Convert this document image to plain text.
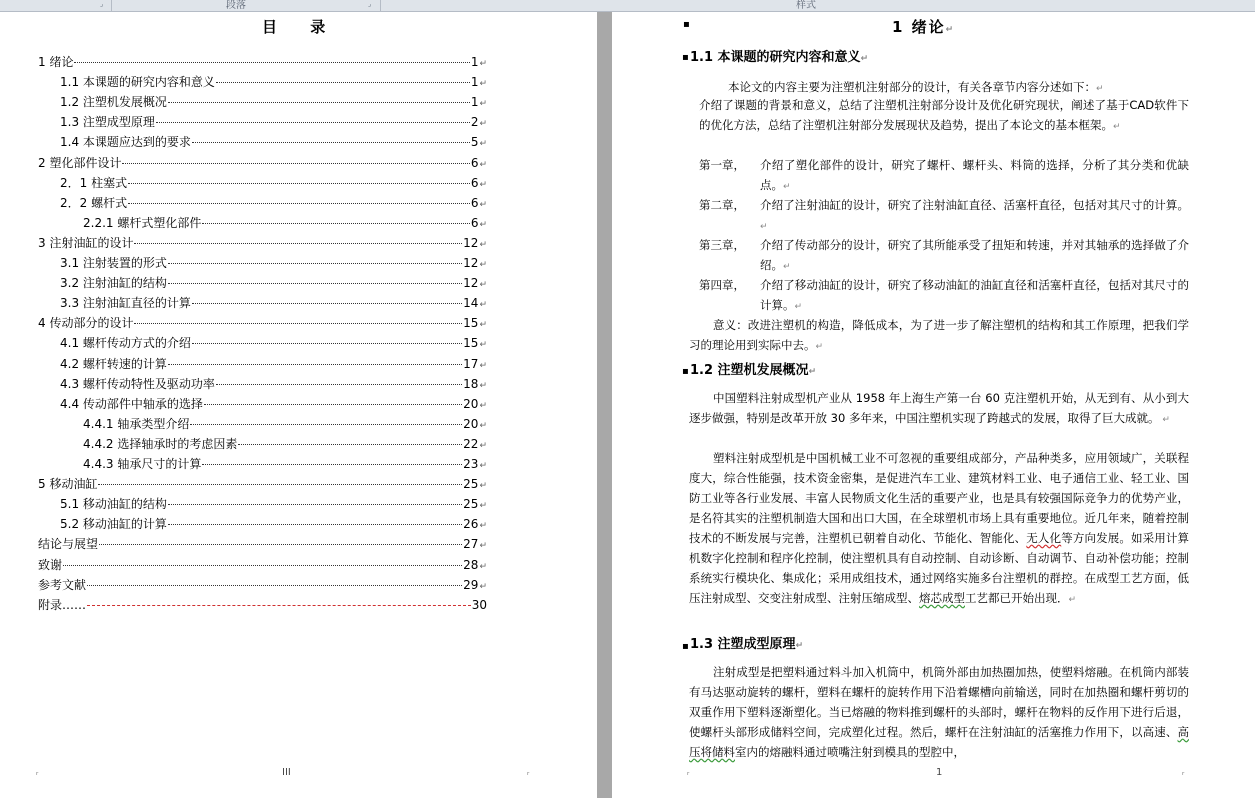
⌟	段落	⌟	样式
目 录
1 绪论	1 ↵
1.1 本课题的研究内容和意义	1 ↵
1.2 注塑机发展概况	1 ↵
1.3 注塑成型原理	2 ↵
1.4 本课题应达到的要求	5 ↵
2 塑化部件设计	6 ↵
2．1 柱塞式	6 ↵
2．2 螺杆式	6 ↵
2.2.1 螺杆式塑化部件	6 ↵
3 注射油缸的设计	12 ↵
3.1 注射装置的形式	12 ↵
3.2 注射油缸的结构	12 ↵
3.3 注射油缸直径的计算	14 ↵
4 传动部分的设计	15 ↵
4.1 螺杆传动方式的介绍	15 ↵
4.2 螺杆转速的计算	17 ↵
4.3 螺杆传动特性及驱动功率	18 ↵
4.4 传动部件中轴承的选择	20 ↵
4.4.1 轴承类型介绍	20 ↵
4.4.2 选择轴承时的考虑因素	22 ↵
4.4.3 轴承尺寸的计算	23 ↵
5 移动油缸	25 ↵
5.1 移动油缸的结构	25 ↵
5.2 移动油缸的计算	26 ↵
结论与展望	27 ↵
致谢	28 ↵
参考文献	29 ↵
附录……	30
ᵣ	ᵣ
III
▪	1 绪论↵
▪ 1.1 本课题的研究内容和意义↵
本论文的内容主要为注塑机注射部分的设计，有关各章节内容分述如下：↵
介绍了课题的背景和意义，总结了注塑机注射部分设计及优化研究现状，阐述了基于CAD软件下的优化方法，总结了注塑机注射部分发展现状及趋势，提出了本论文的基本框架。↵
第一章，	介绍了塑化部件的设计，研究了螺杆、螺杆头、料筒的选择，分析了其分类和优缺点。↵
第二章，	介绍了注射油缸的设计，研究了注射油缸直径、活塞杆直径，包括对其尺寸的计算。↵
第三章，	介绍了传动部分的设计，研究了其所能承受了扭矩和转速，并对其轴承的选择做了介绍。↵
第四章，	介绍了移动油缸的设计，研究了移动油缸的油缸直径和活塞杆直径，包括对其尺寸的计算。↵
意义：改进注塑机的构造，降低成本，为了进一步了解注塑机的结构和其工作原理，把我们学习的理论用到实际中去。↵
▪ 1.2 注塑机发展概况↵
中国塑料注射成型机产业从 1958 年上海生产第一台 60 克注塑机开始，从无到有、从小到大逐步做强，特别是改革开放 30 多年来，中国注塑机实现了跨越式的发展，取得了巨大成就。 ↵
塑料注射成型机是中国机械工业不可忽视的重要组成部分，产品种类多，应用领域广，关联程度大，综合性能强，技术资金密集，是促进汽车工业、建筑材料工业、电子通信工业、轻工业、国防工业等各行业发展、丰富人民物质文化生活的重要产业，也是具有较强国际竞争力的优势产业，是名符其实的注塑机制造大国和出口大国，在全球塑机市场上具有重要地位。近几年来，随着控制技术的不断发展与完善，注塑机已朝着自动化、节能化、智能化、无人化等方向发展。如采用计算机数字化控制和程序化控制，使注塑机具有自动控制、自动诊断、自动调节、自动补偿功能；控制系统实行模块化、集成化；采用成组技术，通过网络实施多台注塑机的群控。在成型工艺方面，低压注射成型、交变注射成型、注射压缩成型、熔芯成型工艺都已开始出现．↵
▪ 1.3 注塑成型原理↵
注射成型是把塑料通过料斗加入机筒中，机筒外部由加热圈加热，使塑料熔融。在机筒内部装有马达驱动旋转的螺杆，塑料在螺杆的旋转作用下沿着螺槽向前输送，同时在加热圈和螺杆剪切的双重作用下塑料逐渐塑化。当已熔融的物料推到螺杆的头部时，螺杆在物料的反作用下进行后退，使螺杆头部形成储料空间，完成塑化过程。然后，螺杆在注射油缸的活塞推力作用下，以高速、高压将储料室内的熔融料通过喷嘴注射到模具的型腔中，
ᵣ	ᵣ
1
